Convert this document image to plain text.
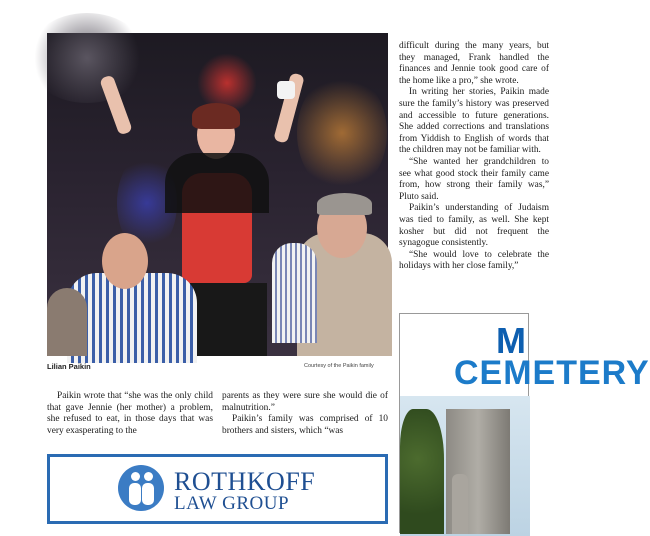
Lilian Paikin	Courtesy of the Paikin family

Paikin wrote that “she was the only child that gave Jennie (her mother) a problem, she refused to eat, in those days that was very exasperating to the

parents as they were sure she would die of malnutrition.”

Paikin’s family was comprised of 10 brothers and sisters, which “was

difficult during the many years, but they managed, Frank handled the finances and Jennie took good care of the home like a pro,” she wrote.

In writing her stories, Paikin made sure the family’s history was preserved and accessible to future generations. She added corrections and translations from Yiddish to English of words that the children may not be familiar with.

“She wanted her grandchildren to see what good stock their family came from, how strong their family was,” Pluto said.

Paikin’s understanding of Judaism was tied to family, as well. She kept kosher but did not frequent the synagogue consistently.

“She would love to celebrate the holidays with her close family,”

ROTHKOFF
LAW GROUP
M
CEMETERY
